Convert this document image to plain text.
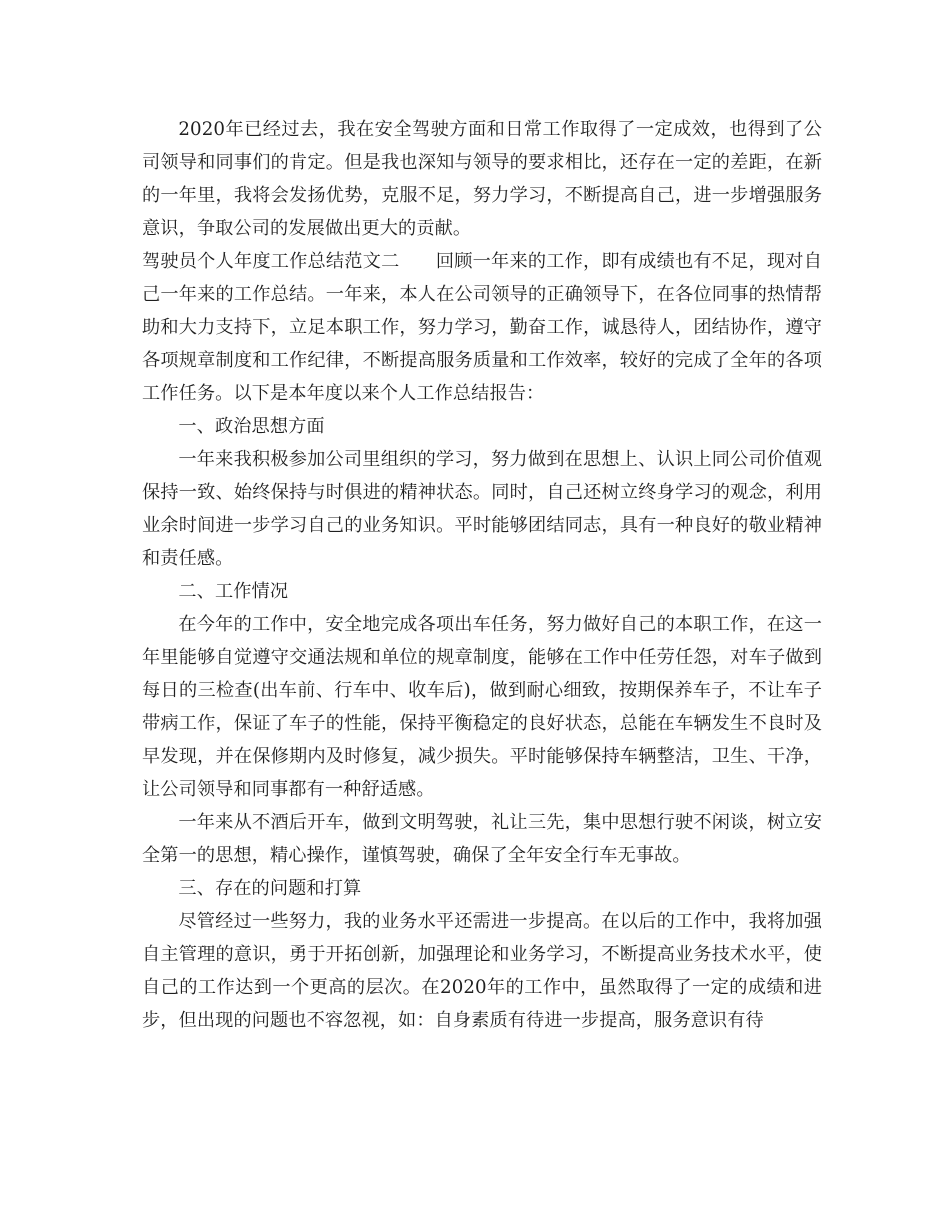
2020年已经过去，我在安全驾驶方面和日常工作取得了一定成效，也得到了公司领导和同事们的肯定。但是我也深知与领导的要求相比，还存在一定的差距，在新的一年里，我将会发扬优势，克服不足，努力学习，不断提高自己，进一步增强服务意识，争取公司的发展做出更大的贡献。

驾驶员个人年度工作总结范文二 回顾一年来的工作，即有成绩也有不足，现对自己一年来的工作总结。一年来，本人在公司领导的正确领导下，在各位同事的热情帮助和大力支持下，立足本职工作，努力学习，勤奋工作，诚恳待人，团结协作，遵守各项规章制度和工作纪律，不断提高服务质量和工作效率，较好的完成了全年的各项工作任务。以下是本年度以来个人工作总结报告：

一、政治思想方面

一年来我积极参加公司里组织的学习，努力做到在思想上、认识上同公司价值观保持一致、始终保持与时俱进的精神状态。同时，自己还树立终身学习的观念，利用业余时间进一步学习自己的业务知识。平时能够团结同志，具有一种良好的敬业精神和责任感。

二、工作情况

在今年的工作中，安全地完成各项出车任务，努力做好自己的本职工作，在这一年里能够自觉遵守交通法规和单位的规章制度，能够在工作中任劳任怨，对车子做到每日的三检查(出车前、行车中、收车后)，做到耐心细致，按期保养车子，不让车子带病工作，保证了车子的性能，保持平衡稳定的良好状态，总能在车辆发生不良时及早发现，并在保修期内及时修复，减少损失。平时能够保持车辆整洁，卫生、干净，让公司领导和同事都有一种舒适感。

一年来从不酒后开车，做到文明驾驶，礼让三先，集中思想行驶不闲谈，树立安全第一的思想，精心操作，谨慎驾驶，确保了全年安全行车无事故。

三、存在的问题和打算

尽管经过一些努力，我的业务水平还需进一步提高。在以后的工作中，我将加强自主管理的意识，勇于开拓创新，加强理论和业务学习，不断提高业务技术水平，使自己的工作达到一个更高的层次。在2020年的工作中，虽然取得了一定的成绩和进步，但出现的问题也不容忽视，如：自身素质有待进一步提高，服务意识有待
